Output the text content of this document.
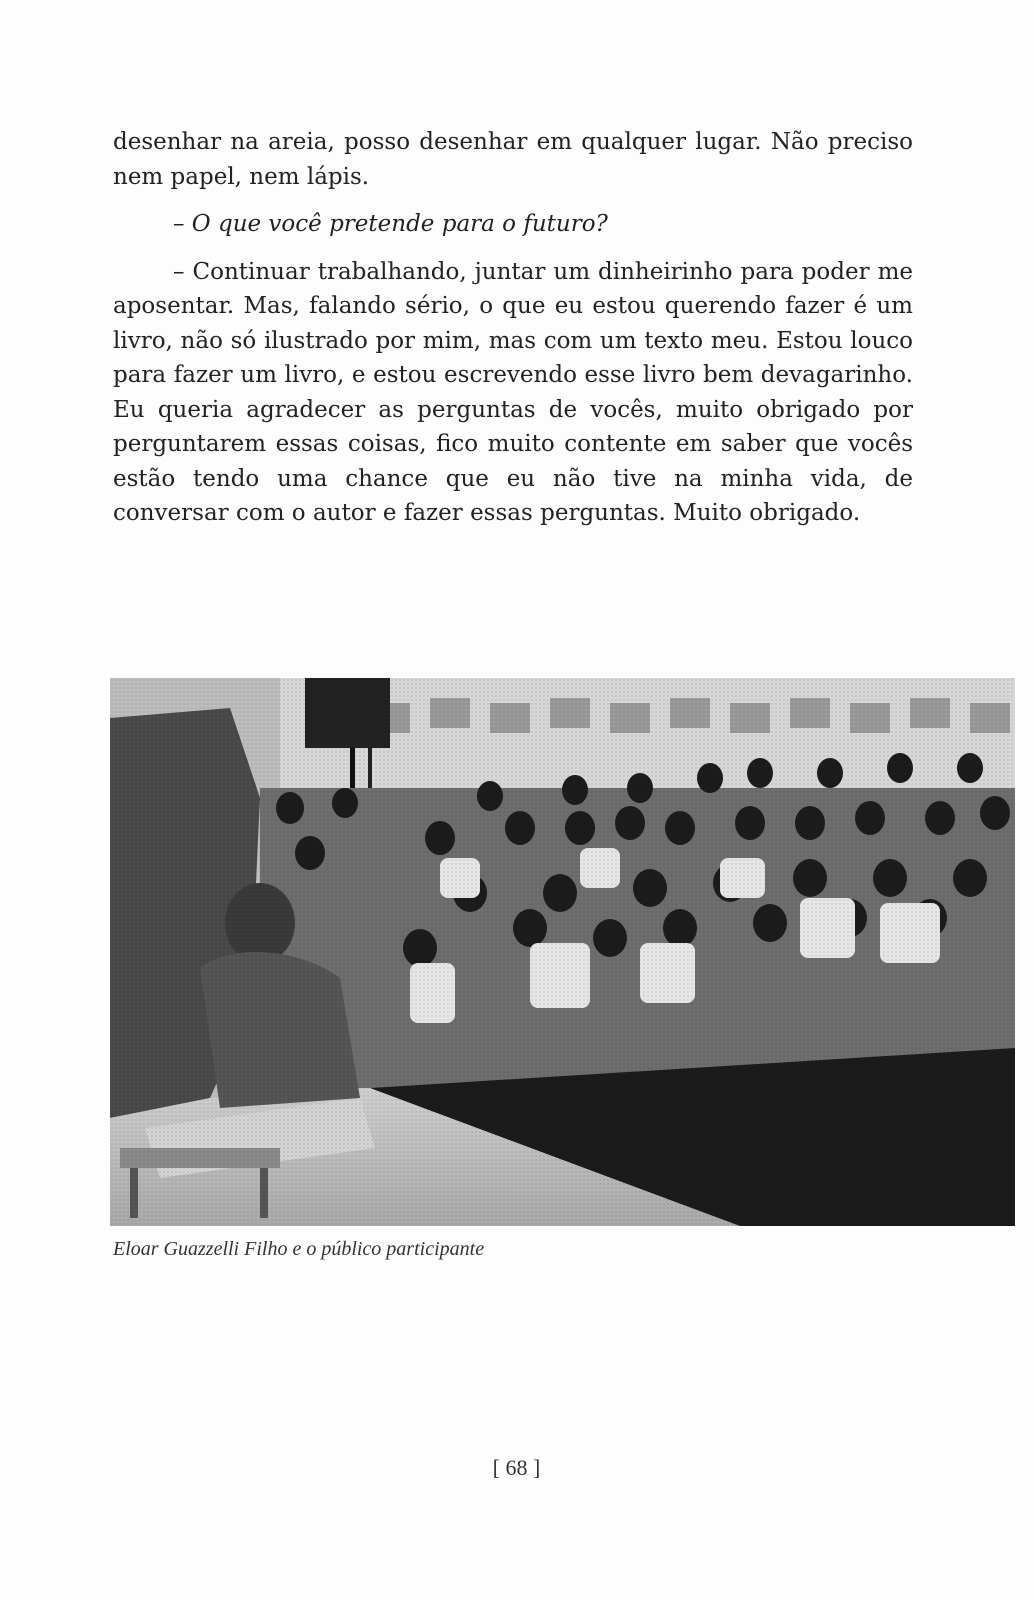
desenhar na areia, posso desenhar em qualquer lugar. Não preciso nem papel, nem lápis.

– O que você pretende para o futuro?

– Continuar trabalhando, juntar um dinheirinho para poder me aposentar. Mas, falando sério, o que eu estou querendo fazer é um livro, não só ilustrado por mim, mas com um texto meu. Estou louco para fazer um livro, e estou escrevendo esse livro bem devagarinho. Eu queria agradecer as perguntas de vocês, muito obrigado por perguntarem essas coisas, fico muito contente em saber que vocês estão tendo uma chance que eu não tive na minha vida, de conversar com o autor e fazer essas perguntas. Muito obrigado.

Eloar Guazzelli Filho e o público participante
[ 68 ]
